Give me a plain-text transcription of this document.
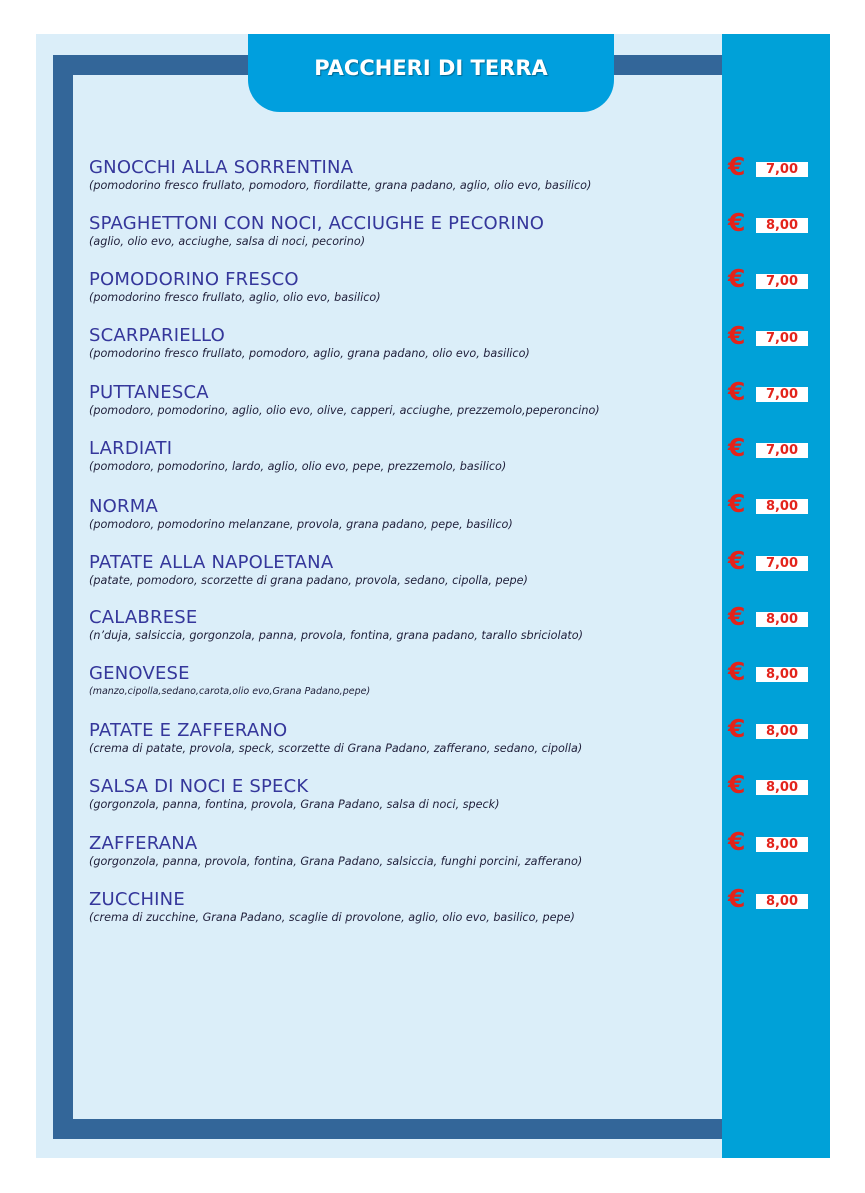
PACCHERI DI TERRA
GNOCCHI ALLA SORRENTINA
(pomodorino fresco frullato, pomodoro, fiordilatte, grana padano, aglio, olio evo, basilico)
€	7,00
SPAGHETTONI CON NOCI, ACCIUGHE E PECORINO
(aglio, olio evo, acciughe, salsa di noci, pecorino)
€	8,00
POMODORINO FRESCO
(pomodorino fresco frullato, aglio, olio evo, basilico)
€	7,00
SCARPARIELLO
(pomodorino fresco frullato, pomodoro, aglio, grana padano, olio evo, basilico)
€	7,00
PUTTANESCA
(pomodoro, pomodorino, aglio, olio evo, olive, capperi, acciughe, prezzemolo,peperoncino)
€	7,00
LARDIATI
(pomodoro, pomodorino, lardo, aglio, olio evo, pepe, prezzemolo, basilico)
€	7,00
NORMA
(pomodoro, pomodorino melanzane, provola, grana padano, pepe, basilico)
€	8,00
PATATE ALLA NAPOLETANA
(patate, pomodoro, scorzette di grana padano, provola, sedano, cipolla, pepe)
€	7,00
CALABRESE
(n’duja, salsiccia, gorgonzola, panna, provola, fontina, grana padano, tarallo sbriciolato)
€	8,00
GENOVESE
(manzo,cipolla,sedano,carota,olio evo,Grana Padano,pepe)
€	8,00
PATATE E ZAFFERANO
(crema di patate, provola, speck, scorzette di Grana Padano, zafferano, sedano, cipolla)
€	8,00
SALSA DI NOCI E SPECK
(gorgonzola, panna, fontina, provola, Grana Padano, salsa di noci, speck)
€	8,00
ZAFFERANA
(gorgonzola, panna, provola, fontina, Grana Padano, salsiccia, funghi porcini, zafferano)
€	8,00
ZUCCHINE
(crema di zucchine, Grana Padano, scaglie di provolone, aglio, olio evo, basilico, pepe)
€	8,00
